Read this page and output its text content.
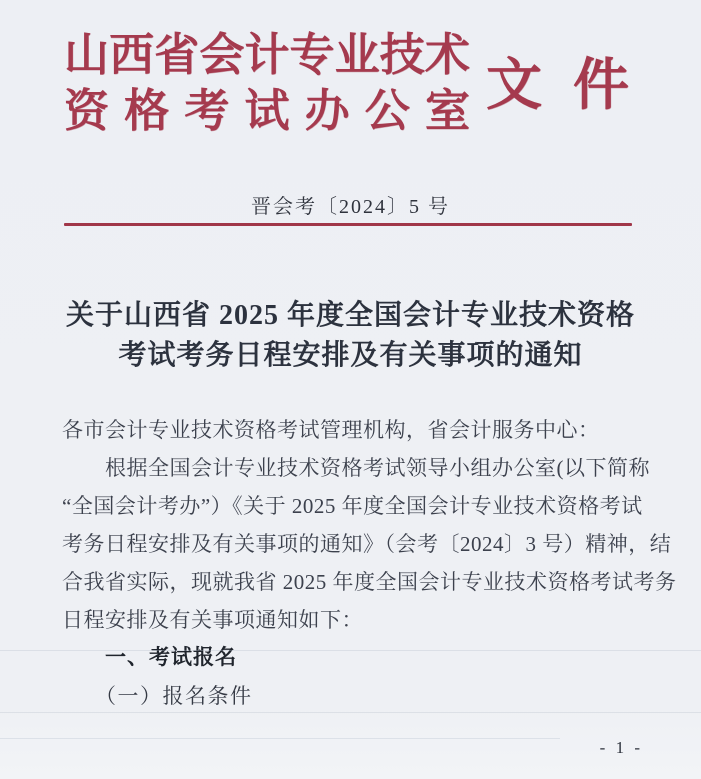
山 西 省 会 计 专 业 技 术
资 格 考 试 办 公 室 文 件
晋会考〔2024〕5 号
关于山西省 2025 年度全国会计专业技术资格
考试考务日程安排及有关事项的通知
各市会计专业技术资格考试管理机构，省会计服务中心：
根据全国会计专业技术资格考试领导小组办公室(以下简称
“全国会计考办”）《关于 2025 年度全国会计专业技术资格考试
考务日程安排及有关事项的通知》（会考〔2024〕3 号）精神，结
合我省实际，现就我省 2025 年度全国会计专业技术资格考试考务
日程安排及有关事项通知如下：
一、考试报名
（一）报名条件
- 1 -
